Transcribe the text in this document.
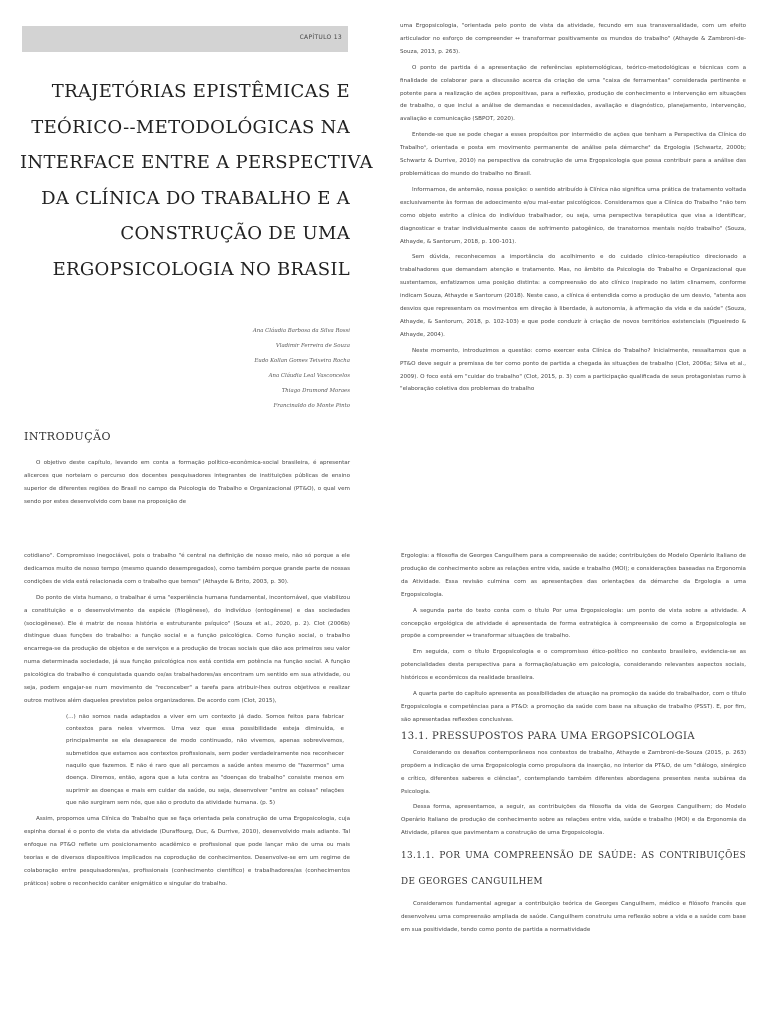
CAPÍTULO 13
TRAJETÓRIAS EPISTÊMICAS E
TEÓRICO--METODOLÓGICAS NA
INTERFACE ENTRE A PERSPECTIVA
DA CLÍNICA DO TRABALHO E A
CONSTRUÇÃO DE UMA
ERGOPSICOLOGIA NO BRASIL
Ana Cláudia Barbosa da Silva Rossi
Vladimir Ferreira de Souza
Eudo Kollan Gomes Teixeira Rocha
Ana Cláudia Leal Vasconcelos
Thiago Drumond Moraes
Francinaldo do Monte Pinto
INTRODUÇÃO

O objetivo deste capítulo, levando em conta a formação político-econômica-social brasileira, é apresentar alicerces que norteiam o percurso dos docentes pesquisadores integrantes de instituições públicas de ensino superior de diferentes regiões do Brasil no campo da Psicologia do Trabalho e Organizacional (PT&O), o qual vem sendo por estes desenvolvido com base na proposição de

uma Ergopsicologia, "orientada pelo ponto de vista da atividade, fecundo em sua transversalidade, com um efeito articulador no esforço de compreender ↔ transformar positivamente os mundos do trabalho" (Athayde & Zambroni-de-Souza, 2013, p. 263).

O ponto de partida é a apresentação de referências epistemológicas, teórico-metodológicas e técnicas com a finalidade de colaborar para a discussão acerca da criação de uma "caixa de ferramentas" considerada pertinente e potente para a realização de ações propositivas, para a reflexão, produção de conhecimento e intervenção em situações de trabalho, o que inclui a análise de demandas e necessidades, avaliação e diagnóstico, planejamento, intervenção, avaliação e comunicação (SBPOT, 2020).

Entende-se que se pode chegar a esses propósitos por intermédio de ações que tenham a Perspectiva da Clínica do Trabalho¹, orientada e posta em movimento permanente de análise pela démarche² da Ergologia (Schwartz, 2000b; Schwartz & Durrive, 2010) na perspectiva da construção de uma Ergopsicologia que possa contribuir para a análise das problemáticas do mundo do trabalho no Brasil.

Informamos, de antemão, nossa posição: o sentido atribuído à Clínica não significa uma prática de tratamento voltada exclusivamente às formas de adoecimento e/ou mal-estar psicológicos. Consideramos que a Clínica do Trabalho "não tem como objeto estrito a clínica do indivíduo trabalhador, ou seja, uma perspectiva terapêutica que visa a identificar, diagnosticar e tratar individualmente casos de sofrimento patogênico, de transtornos mentais no/do trabalho" (Souza, Athayde, & Santorum, 2018, p. 100-101).

Sem dúvida, reconhecemos a importância do acolhimento e do cuidado clínico-terapêutico direcionado a trabalhadores que demandam atenção e tratamento. Mas, no âmbito da Psicologia do Trabalho e Organizacional que sustentamos, enfatizamos uma posição distinta: a compreensão do ato clínico inspirado no latim clinamem, conforme indicam Souza, Athayde e Santorum (2018). Neste caso, a clínica é entendida como a produção de um desvio, "atenta aos desvios que representam os movimentos em direção à liberdade, à autonomia, à afirmação da vida e da saúde" (Souza, Athayde, & Santorum, 2018, p. 102-103) e que pode conduzir à criação de novos territórios existenciais (Figueiredo & Athayde, 2004).

Neste momento, introduzimos a questão: como exercer esta Clínica do Trabalho? Inicialmente, ressaltamos que a PT&O deve seguir a premissa de ter como ponto de partida a chegada às situações de trabalho (Clot, 2006a; Silva et al., 2009). O foco está em "cuidar do trabalho" (Clot, 2015, p. 3) com a participação qualificada de seus protagonistas rumo à "elaboração coletiva dos problemas do trabalho

cotidiano". Compromisso inegociável, pois o trabalho "é central na definição de nosso meio, não só porque a ele dedicamos muito de nosso tempo (mesmo quando desempregados), como também porque grande parte de nossas condições de vida está relacionada com o trabalho que temos" (Athayde & Brito, 2003, p. 30).

Do ponto de vista humano, o trabalhar é uma "experiência humana fundamental, incontornável, que viabilizou a constituição e o desenvolvimento da espécie (filogênese), do indivíduo (ontogênese) e das sociedades (sociogênese). Ele é matriz de nossa história e estruturante psíquico" (Souza et al., 2020, p. 2). Clot (2006b) distingue duas funções do trabalho: a função social e a função psicológica. Como função social, o trabalho encarrega-se da produção de objetos e de serviços e a produção de trocas sociais que dão aos primeiros seu valor numa determinada sociedade, já sua função psicológica nos está contida em potência na função social. A função psicológica do trabalho é conquistada quando os/as trabalhadores/as encontram um sentido em sua atividade, ou seja, podem engajar-se num movimento de "reconceber" a tarefa para atribuir-lhes outros objetivos e realizar outros motivos além daqueles previstos pelos organizadores. De acordo com (Clot, 2015),

(...) não somos nada adaptados a viver em um contexto já dado. Somos feitos para fabricar contextos para neles vivermos. Uma vez que essa possibilidade esteja diminuída, e principalmente se ela desaparece de modo continuado, não vivemos, apenas sobrevivemos, submetidos que estamos aos contextos profissionais, sem poder verdadeiramente nos reconhecer naquilo que fazemos. E não é raro que ali percamos a saúde antes mesmo de "fazermos" uma doença. Diremos, então, agora que a luta contra as "doenças do trabalho" consiste menos em suprimir as doenças e mais em cuidar da saúde, ou seja, desenvolver "entre as coisas" relações que não surgiram sem nós, que são o produto da atividade humana. (p. 5)

Assim, propomos uma Clínica do Trabalho que se faça orientada pela construção de uma Ergopsicologia, cuja espinha dorsal é o ponto de vista da atividade (Duraffourg, Duc, & Durrive, 2010), desenvolvido mais adiante. Tal enfoque na PT&O reflete um posicionamento acadêmico e profissional que pode lançar mão de uma ou mais teorias e de diversos dispositivos implicados na coprodução de conhecimentos. Desenvolve-se em um regime de colaboração entre pesquisadores/as, profissionais (conhecimento científico) e trabalhadores/as (conhecimentos práticos) sobre o reconhecido caráter enigmático e singular do trabalho.

Ergologia: a filosofia de Georges Canguilhem para a compreensão de saúde; contribuições do Modelo Operário Italiano de produção de conhecimento sobre as relações entre vida, saúde e trabalho (MOI); e considerações baseadas na Ergonomia da Atividade. Essa revisão culmina com as apresentações das orientações da démarche da Ergologia a uma Ergopsicologia.

A segunda parte do texto conta com o título Por uma Ergopsicologia: um ponto de vista sobre a atividade. A concepção ergológica de atividade é apresentada de forma estratégica à compreensão de como a Ergopsicologia se propõe a compreender ↔ transformar situações de trabalho.

Em seguida, com o título Ergopsicologia e o compromisso ético-político no contexto brasileiro, evidencia-se as potencialidades desta perspectiva para a formação/atuação em psicologia, considerando relevantes aspectos sociais, históricos e econômicos da realidade brasileira.

A quarta parte do capítulo apresenta as possibilidades de atuação na promoção da saúde do trabalhador, com o título Ergopsicologia e competências para a PT&O: a promoção da saúde com base na situação de trabalho (PSST). E, por fim, são apresentadas reflexões conclusivas.

13.1. PRESSUPOSTOS PARA UMA ERGOPSICOLOGIA

Considerando os desafios contemporâneos nos contextos de trabalho, Athayde e Zambroni-de-Souza (2015, p. 263) propõem a indicação de uma Ergopsicologia como propulsora da inserção, no interior da PT&O, de um "diálogo, sinérgico e crítico, diferentes saberes e ciências", contemplando também diferentes abordagens presentes nesta subárea da Psicologia.

Dessa forma, apresentamos, a seguir, as contribuições da filosofia da vida de Georges Canguilhem; do Modelo Operário Italiano de produção de conhecimento sobre as relações entre vida, saúde e trabalho (MOI) e da Ergonomia da Atividade, pilares que pavimentam a construção de uma Ergopsicologia.

13.1.1. POR UMA COMPREENSÃO DE SAÚDE: AS CONTRIBUIÇÕES DE GEORGES CANGUILHEM

Consideramos fundamental agregar a contribuição teórica de Georges Canguilhem, médico e filósofo francês que desenvolveu uma compreensão ampliada de saúde. Canguilhem construiu uma reflexão sobre a vida e a saúde com base em sua positividade, tendo como ponto de partida a normatividade
